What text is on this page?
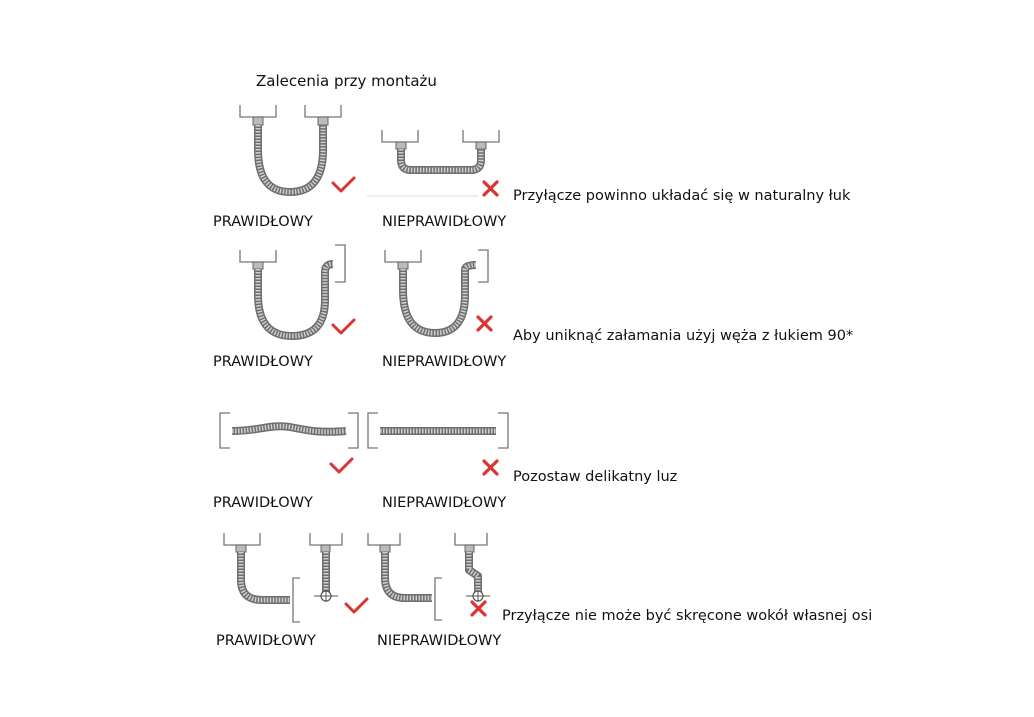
Zalecenia przy montażu
PRAWIDŁOWY	NIEPRAWIDŁOWY
Przyłącze powinno układać się w naturalny łuk
PRAWIDŁOWY	NIEPRAWIDŁOWY
Aby uniknąć załamania użyj węża z łukiem 90*
PRAWIDŁOWY	NIEPRAWIDŁOWY
Pozostaw delikatny luz
PRAWIDŁOWY	NIEPRAWIDŁOWY
Przyłącze nie może być skręcone wokół własnej osi
